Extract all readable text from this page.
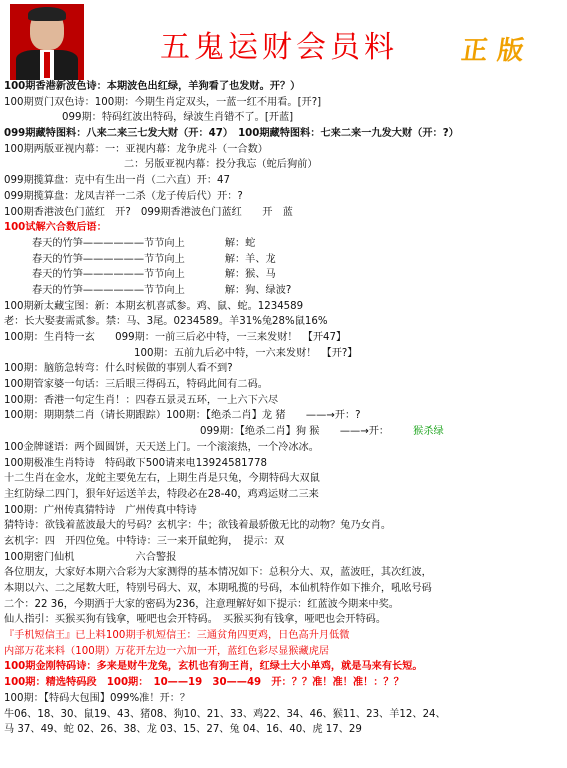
五鬼运财会员料 正版
100期香港新波色诗：本期波色出红绿，羊狗看了也发财。开？）
100期贾门双色诗：100期：今期生肖定双头，一蓝一红不用看。[开?]
099期：特码红波出特码，绿波生肖错不了。[开蓝]
099期藏特图料：八来二来三七发大财（开：47）　100期藏特图料：七来二来一九发大财（开：?）
100期两版亚视内幕：一：亚视内幕：龙争虎斗（一合数）
二：另版亚视内幕：投分我忘（蛇后狗前）
099期揽算盘：克中有生出一肖（二六直）开：47
099期揽算盘：龙凤吉祥一二杀（龙子传后代）开：?
100期香港波色门蓝红　开?　099期香港波色门蓝红　　开　蓝
100试解六合数后语：
春天的竹笋——————节节向上	解：蛇
春天的竹笋——————节节向上	解：羊、龙
春天的竹笋——————节节向上	解：猴、马
春天的竹笋——————节节向上	解：狗、绿波?
100期新太藏宝图：新：本期玄机喜贰参。鸡、鼠、蛇。1234589
老：长大娶妻需贰参。禁：马、3尾。0234589。羊31%兔28%鼠16%
100期：生肖特一玄　　099期：一前三后必中特，一三来发财！　【开47】
100期：五前九后必中特，一六来发财！　【开?】
100期：脑筋急转弯：什么时候做的事别人看不到?
100期管家婆一句话：三后眼三得码五，特码此间有二码。
100期：香港一句定生肖！：四春五景灵五环，一上六下六尽
100期：期期禁二肖（请长期跟踪）100期：【绝杀二肖】龙 猪　　——→开：?
099期：【绝杀二肖】狗 猴　　——→开： 猴杀绿
100金牌谜语：两个圆圆饼，天天送上门。一个滚滚热，一个冷冰冰。
100期极准生肖特诗　特码敢下500请来电13924581778
十二生肖在金水，龙蛇主要免左右，上期生肖是只兔，今期特码大双鼠
主红防绿二四门，狠年好运送羊去，特段必在28-40，鸡鸡运财二三来
100期：广州传真猜特诗　广州传真中特诗
猜特诗：欲钱着蓝波最大的号码？玄机字：牛；欲钱着最骄傲无比的动物？兔乃女肖。
玄机字：四　开四位兔。中特诗：三一来开鼠蛇狗，　提示：双
100期密门仙机　　　　　　六合警报
各位朋友，大家好本期六合彩为大家测得的基本情况如下：总积分大、双，蓝波旺，其次红波，
本期以六、二之尾数大旺，特别号码大、双，本期吼揽的号码，本仙机特作如下推介，吼吆号码
二个：22 36，今期洒于大家的密码为236，注意理解好如下提示：红蓝波今期来中奖。
仙人指引：买猴买狗有钱拿，哑吧也会开特码。　买猴买狗有钱拿，哑吧也会开特码。
『手机短信王』已上料100期手机短信王：三通贫角四更鸡，日色高升月低微
内部万花来料（100期）万花开左边一六加一开，蓝红色彩尽显猴藏虎居
100期金刚特码诗：多来是财牛龙兔，玄机也有狗王肖，红绿土大小单鸡，就是马来有长短。
100期：精选特码段　100期：　10——19　30——49　开：？？准！准！准！：？？
100期：【特码大包围】099%准！开：？
牛06、18、30、鼠19、43、猪08、狗10、21、33、鸡22、34、46、猴11、23、羊12、24、
马 37、49、蛇 02、26、38、龙 03、15、27、兔 04、16、40、虎 17、29
